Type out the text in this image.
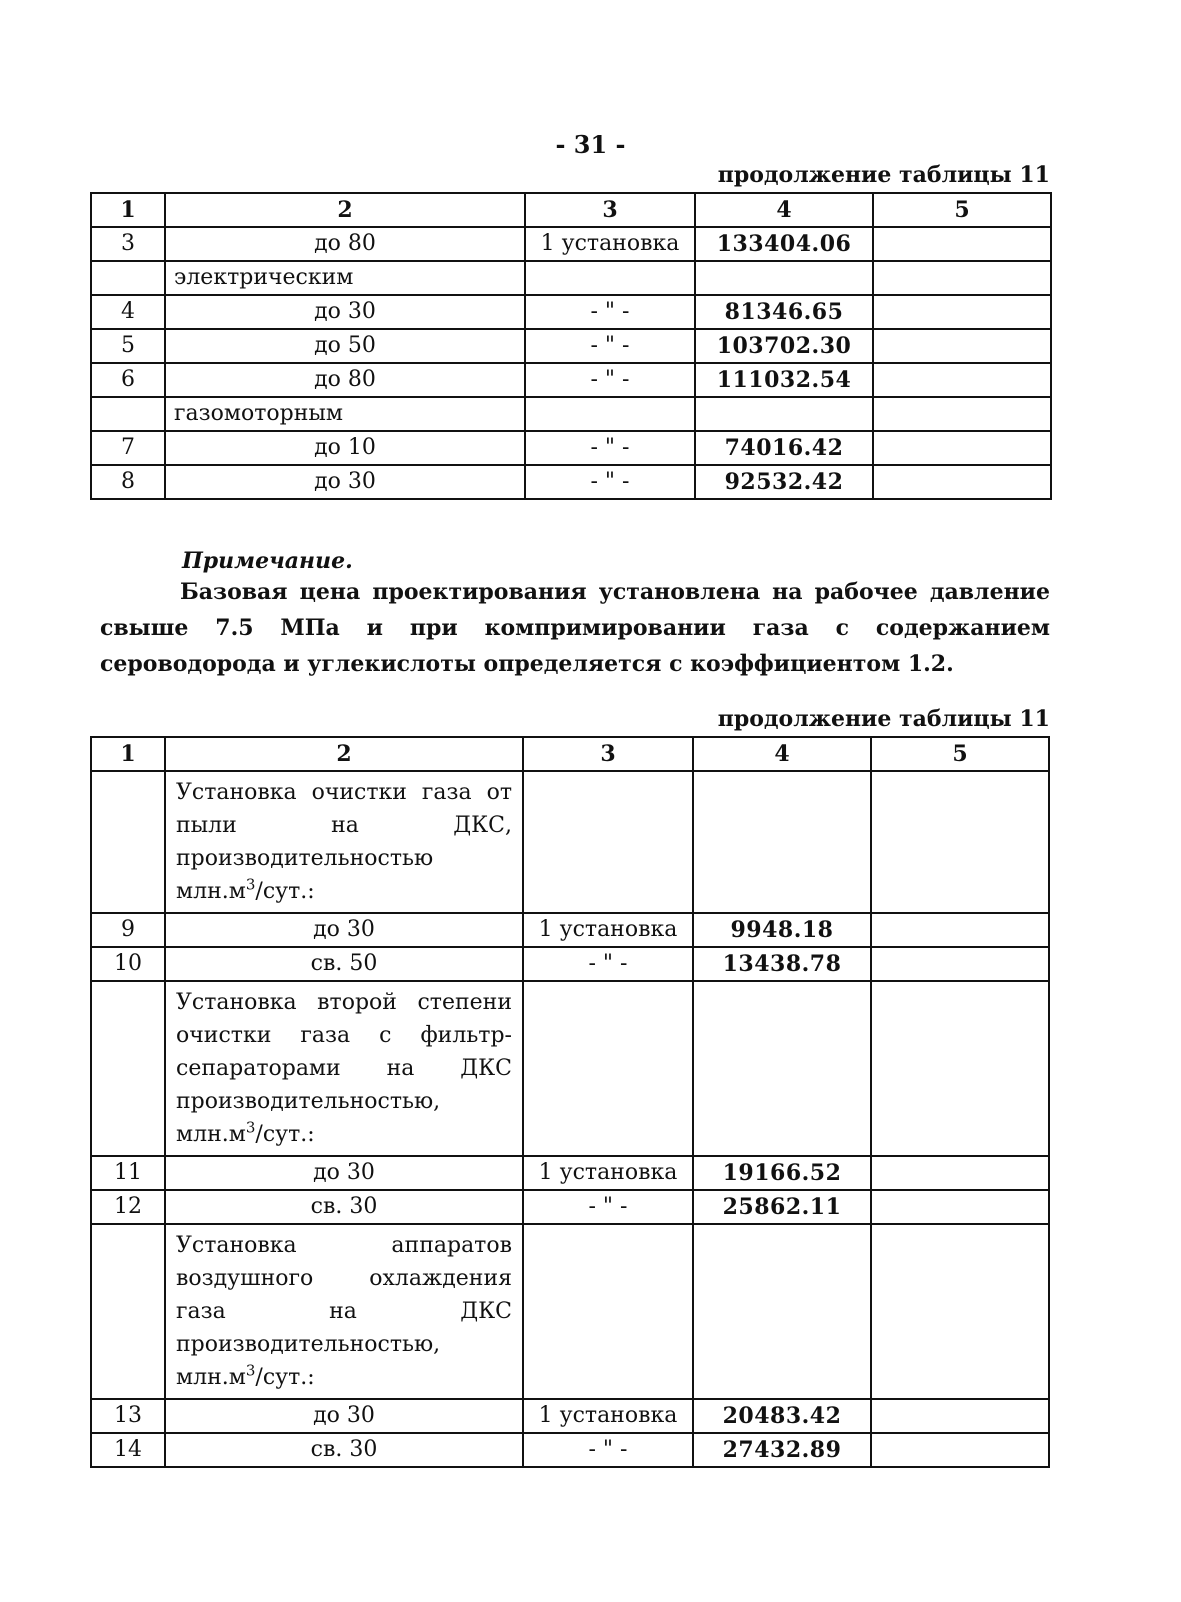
- 31 -
продолжение таблицы 11
1	2	3	4	5
3	до 80	1 установка	133404.06	
	электрическим			
4	до 30	- " -	81346.65	
5	до 50	- " -	103702.30	
6	до 80	- " -	111032.54	
	газомоторным			
7	до 10	- " -	74016.42	
8	до 30	- " -	92532.42	
Примечание.
Базовая цена проектирования установлена на рабочее давление свыше 7.5 МПа и при компримировании газа с содержанием сероводорода и углекислоты определяется с коэффициентом 1.2.
продолжение таблицы 11
1	2	3	4	5
	Установка очистки газа от пыли на ДКС, производительностью $млн.м^3$/сут.:			
9	до 30	1 установка	9948.18	
10	св. 50	- " -	13438.78	
	Установка второй степени очистки газа с фильтр-сепараторами на ДКС производительностью, $млн.м^3$/сут.:			
11	до 30	1 установка	19166.52	
12	св. 30	- " -	25862.11	
	Установка аппаратов воздушного охлаждения газа на ДКС производительностью, $млн.м^3$/сут.:			
13	до 30	1 установка	20483.42	
14	св. 30	- " -	27432.89	
